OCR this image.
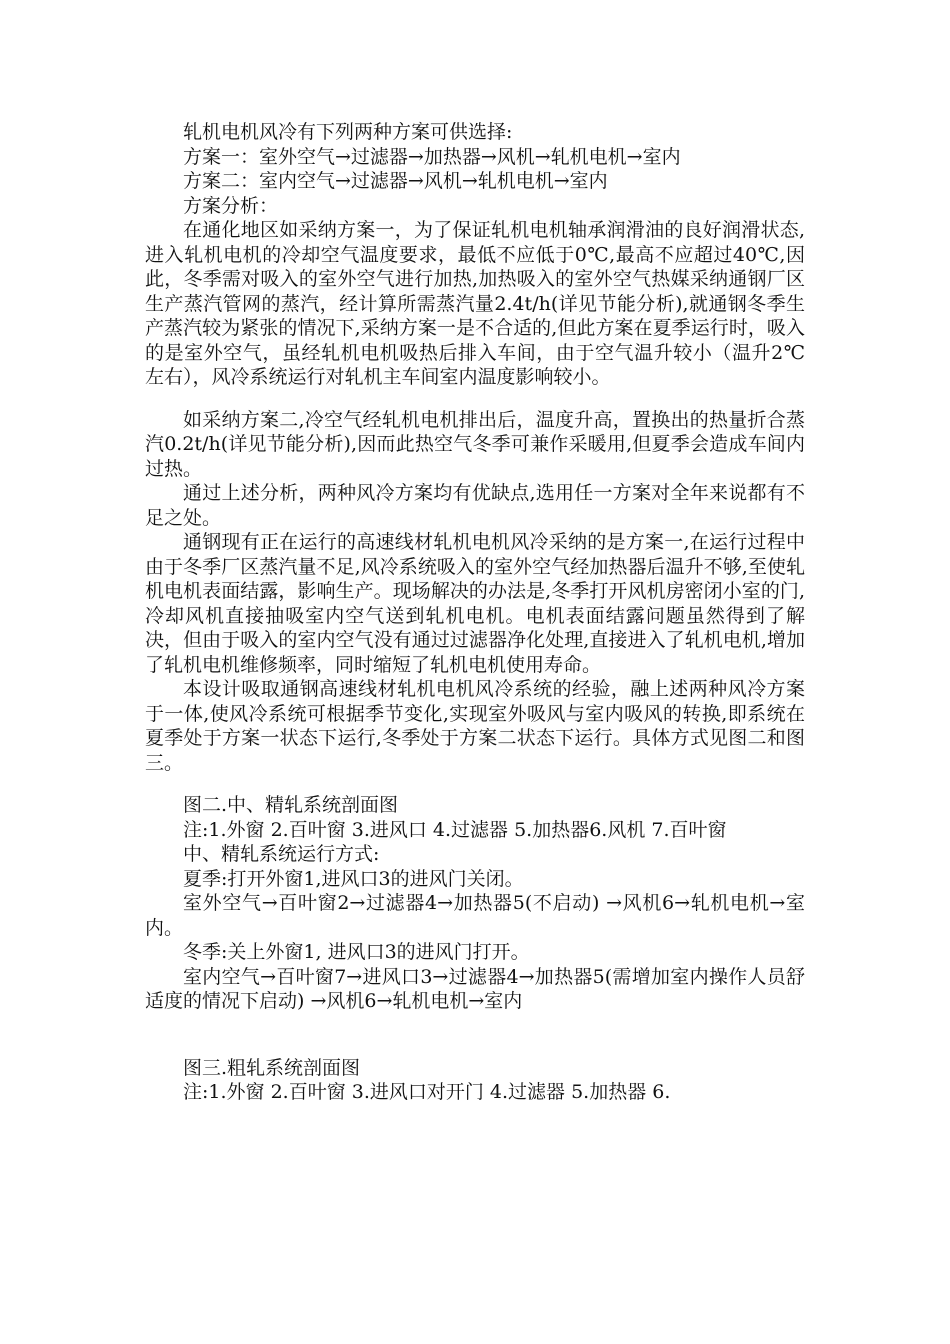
轧机电机风冷有下列两种方案可供选择:

方案一：室外空气→过滤器→加热器→风机→轧机电机→室内

方案二：室内空气→过滤器→风机→轧机电机→室内

方案分析：

在通化地区如采纳方案一，为了保证轧机电机轴承润滑油的良好润滑状态,进入轧机电机的冷却空气温度要求，最低不应低于0℃,最高不应超过40℃,因此，冬季需对吸入的室外空气进行加热,加热吸入的室外空气热媒采纳通钢厂区生产蒸汽管网的蒸汽，经计算所需蒸汽量2.4t/h(详见节能分析),就通钢冬季生产蒸汽较为紧张的情况下,采纳方案一是不合适的,但此方案在夏季运行时，吸入的是室外空气，虽经轧机电机吸热后排入车间，由于空气温升较小（温升2℃左右），风冷系统运行对轧机主车间室内温度影响较小。

如采纳方案二,冷空气经轧机电机排出后，温度升高，置换出的热量折合蒸汽0.2t/h(详见节能分析),因而此热空气冬季可兼作采暖用,但夏季会造成车间内过热。

通过上述分析，两种风冷方案均有优缺点,选用任一方案对全年来说都有不足之处。

通钢现有正在运行的高速线材轧机电机风冷采纳的是方案一,在运行过程中由于冬季厂区蒸汽量不足,风冷系统吸入的室外空气经加热器后温升不够,至使轧机电机表面结露，影响生产。现场解决的办法是,冬季打开风机房密闭小室的门,冷却风机直接抽吸室内空气送到轧机电机。电机表面结露问题虽然得到了解决，但由于吸入的室内空气没有通过过滤器净化处理,直接进入了轧机电机,增加了轧机电机维修频率，同时缩短了轧机电机使用寿命。

本设计吸取通钢高速线材轧机电机风冷系统的经验，融上述两种风冷方案于一体,使风冷系统可根据季节变化,实现室外吸风与室内吸风的转换,即系统在夏季处于方案一状态下运行,冬季处于方案二状态下运行。具体方式见图二和图三。

图二.中、精轧系统剖面图

注:1.外窗 2.百叶窗 3.进风口 4.过滤器 5.加热器6.风机 7.百叶窗

中、精轧系统运行方式:

夏季:打开外窗1,进风口3的进风门关闭。

室外空气→百叶窗2→过滤器4→加热器5(不启动) →风机6→轧机电机→室内。

冬季:关上外窗1, 进风口3的进风门打开。

室内空气→百叶窗7→进风口3→过滤器4→加热器5(需增加室内操作人员舒适度的情况下启动) →风机6→轧机电机→室内

图三.粗轧系统剖面图

注:1.外窗 2.百叶窗 3.进风口对开门 4.过滤器 5.加热器 6.
